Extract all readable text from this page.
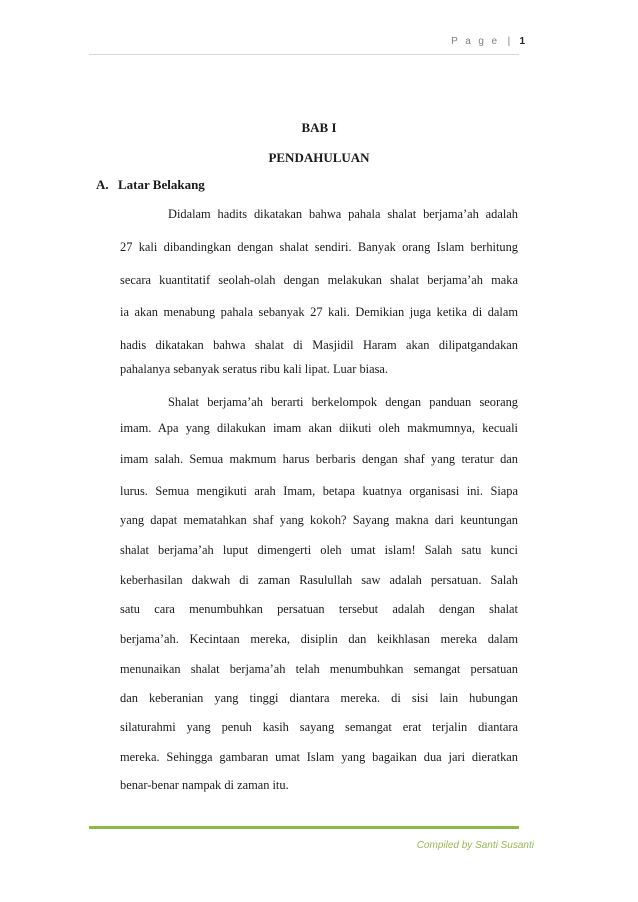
P a g e | 1
BAB I
PENDAHULUAN
A. Latar Belakang
Didalam hadits dikatakan bahwa pahala shalat berjama’ah adalah
27 kali dibandingkan dengan shalat sendiri. Banyak orang Islam berhitung
secara kuantitatif seolah-olah dengan melakukan shalat berjama’ah maka
ia akan menabung pahala sebanyak 27 kali. Demikian juga ketika di dalam
hadis dikatakan bahwa shalat di Masjidil Haram akan dilipatgandakan
pahalanya sebanyak seratus ribu kali lipat. Luar biasa.
Shalat berjama’ah berarti berkelompok dengan panduan seorang
imam. Apa yang dilakukan imam akan diikuti oleh makmumnya, kecuali
imam salah. Semua makmum harus berbaris dengan shaf yang teratur dan
lurus. Semua mengikuti arah Imam, betapa kuatnya organisasi ini. Siapa
yang dapat mematahkan shaf yang kokoh? Sayang makna dari keuntungan
shalat berjama’ah luput dimengerti oleh umat islam! Salah satu kunci
keberhasilan dakwah di zaman Rasulullah saw adalah persatuan. Salah
satu cara menumbuhkan persatuan tersebut adalah dengan shalat
berjama’ah. Kecintaan mereka, disiplin dan keikhlasan mereka dalam
menunaikan shalat berjama’ah telah menumbuhkan semangat persatuan
dan keberanian yang tinggi diantara mereka. di sisi lain hubungan
silaturahmi yang penuh kasih sayang semangat erat terjalin diantara
mereka. Sehingga gambaran umat Islam yang bagaikan dua jari dieratkan
benar-benar nampak di zaman itu.
Compiled by Santi Susanti
